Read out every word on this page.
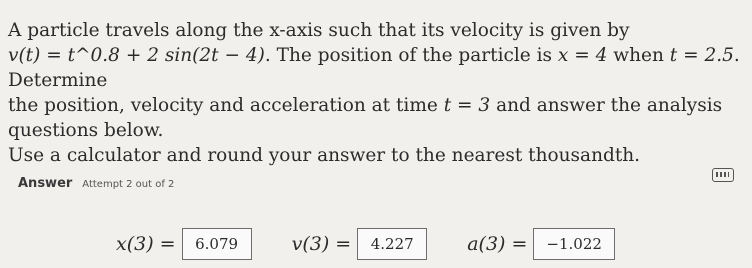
A particle travels along the x-axis such that its velocity is given by

v(t) = t^0.8 + 2 sin(2t − 4). The position of the particle is x = 4 when t = 2.5. Determine

the position, velocity and acceleration at time t = 3 and answer the analysis questions below.

Use a calculator and round your answer to the nearest thousandth.

Answer Attempt 2 out of 2
x(3) =	6.079	v(3) =	4.227	a(3) =	−1.022
